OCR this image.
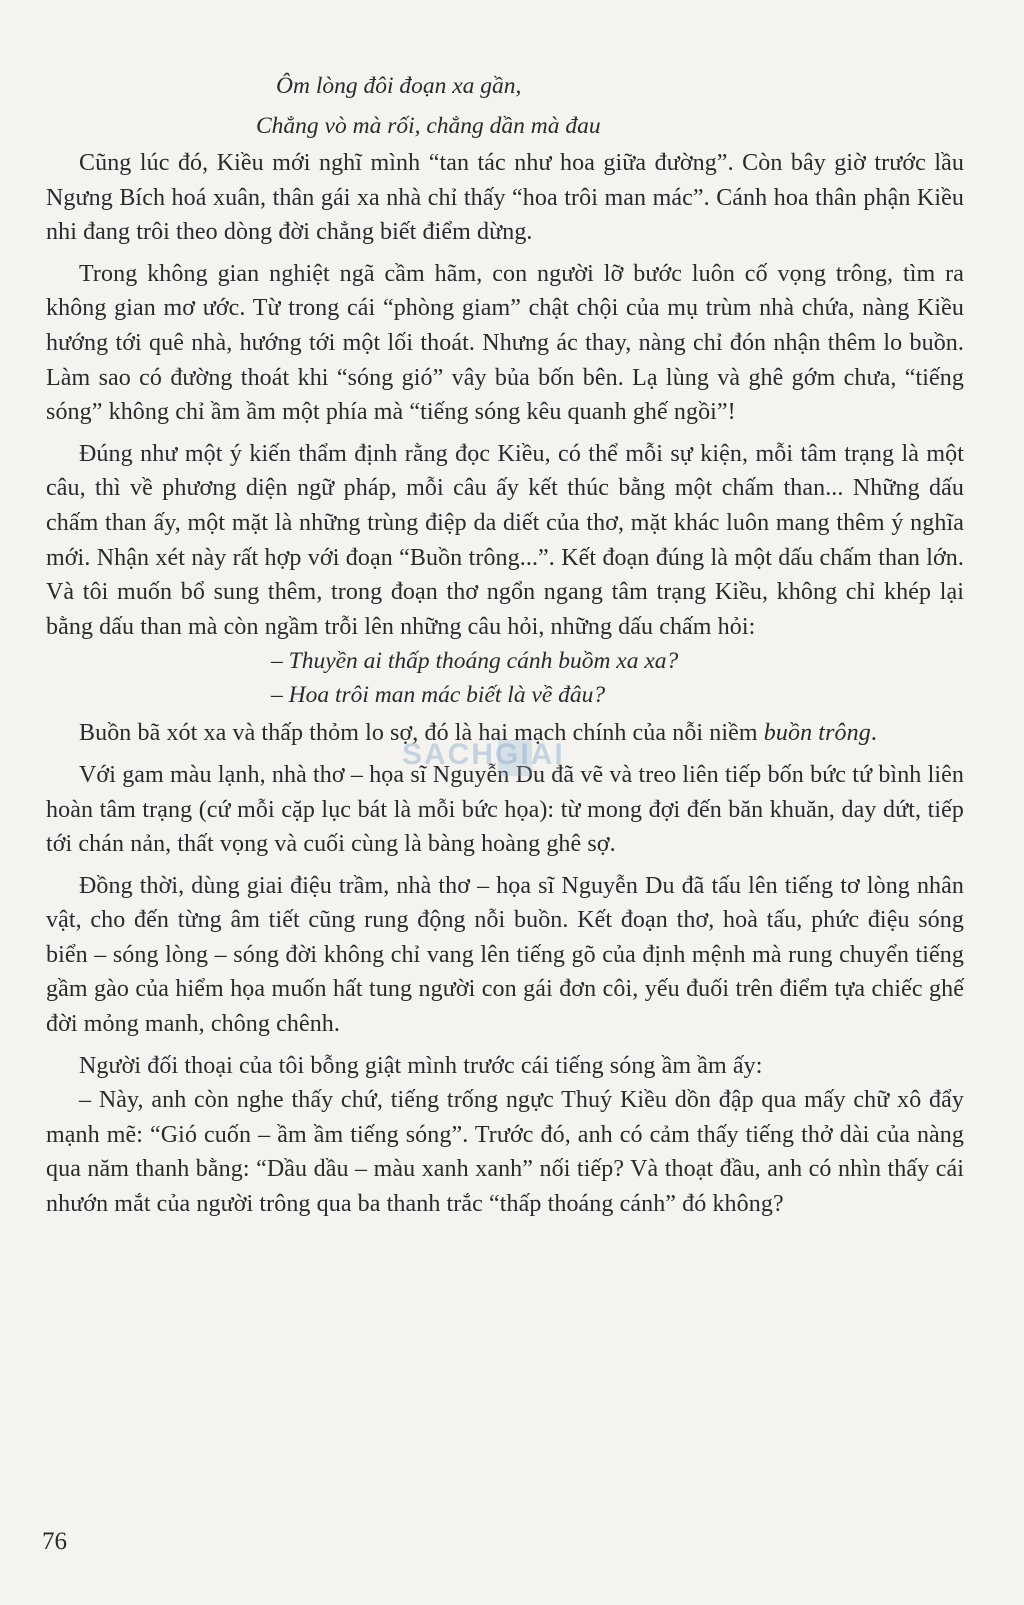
Ôm lòng đôi đoạn xa gần,

Chẳng vò mà rối, chẳng dần mà đau

Cũng lúc đó, Kiều mới nghĩ mình “tan tác như hoa giữa đường”. Còn bây giờ trước lầu Ngưng Bích hoá xuân, thân gái xa nhà chỉ thấy “hoa trôi man mác”. Cánh hoa thân phận Kiều nhi đang trôi theo dòng đời chẳng biết điểm dừng.

Trong không gian nghiệt ngã cầm hãm, con người lỡ bước luôn cố vọng trông, tìm ra không gian mơ ước. Từ trong cái “phòng giam” chật chội của mụ trùm nhà chứa, nàng Kiều hướng tới quê nhà, hướng tới một lối thoát. Nhưng ác thay, nàng chỉ đón nhận thêm lo buồn. Làm sao có đường thoát khi “sóng gió” vây bủa bốn bên. Lạ lùng và ghê gớm chưa, “tiếng sóng” không chỉ ầm ầm một phía mà “tiếng sóng kêu quanh ghế ngồi”!

Đúng như một ý kiến thẩm định rằng đọc Kiều, có thể mỗi sự kiện, mỗi tâm trạng là một câu, thì về phương diện ngữ pháp, mỗi câu ấy kết thúc bằng một chấm than... Những dấu chấm than ấy, một mặt là những trùng điệp da diết của thơ, mặt khác luôn mang thêm ý nghĩa mới. Nhận xét này rất hợp với đoạn “Buồn trông...”. Kết đoạn đúng là một dấu chấm than lớn. Và tôi muốn bổ sung thêm, trong đoạn thơ ngổn ngang tâm trạng Kiều, không chỉ khép lại bằng dấu than mà còn ngầm trỗi lên những câu hỏi, những dấu chấm hỏi:

– Thuyền ai thấp thoáng cánh buồm xa xa?

– Hoa trôi man mác biết là về đâu?

Buồn bã xót xa và thấp thỏm lo sợ, đó là hai mạch chính của nỗi niềm buồn trông.

Với gam màu lạnh, nhà thơ – họa sĩ Nguyễn Du đã vẽ và treo liên tiếp bốn bức tứ bình liên hoàn tâm trạng (cứ mỗi cặp lục bát là mỗi bức họa): từ mong đợi đến băn khuăn, day dứt, tiếp tới chán nản, thất vọng và cuối cùng là bàng hoàng ghê sợ.

Đồng thời, dùng giai điệu trầm, nhà thơ – họa sĩ Nguyễn Du đã tấu lên tiếng tơ lòng nhân vật, cho đến từng âm tiết cũng rung động nỗi buồn. Kết đoạn thơ, hoà tấu, phức điệu sóng biển – sóng lòng – sóng đời không chỉ vang lên tiếng gõ của định mệnh mà rung chuyển tiếng gầm gào của hiểm họa muốn hất tung người con gái đơn côi, yếu đuối trên điểm tựa chiếc ghế đời mỏng manh, chông chênh.

Người đối thoại của tôi bỗng giật mình trước cái tiếng sóng ầm ầm ấy:

– Này, anh còn nghe thấy chứ, tiếng trống ngực Thuý Kiều dồn đập qua mấy chữ xô đẩy mạnh mẽ: “Gió cuốn – ầm ầm tiếng sóng”. Trước đó, anh có cảm thấy tiếng thở dài của nàng qua năm thanh bằng: “Dầu dầu – màu xanh xanh” nối tiếp? Và thoạt đầu, anh có nhìn thấy cái nhướn mắt của người trông qua ba thanh trắc “thấp thoáng cánh” đó không?

SACHGIAI
76
